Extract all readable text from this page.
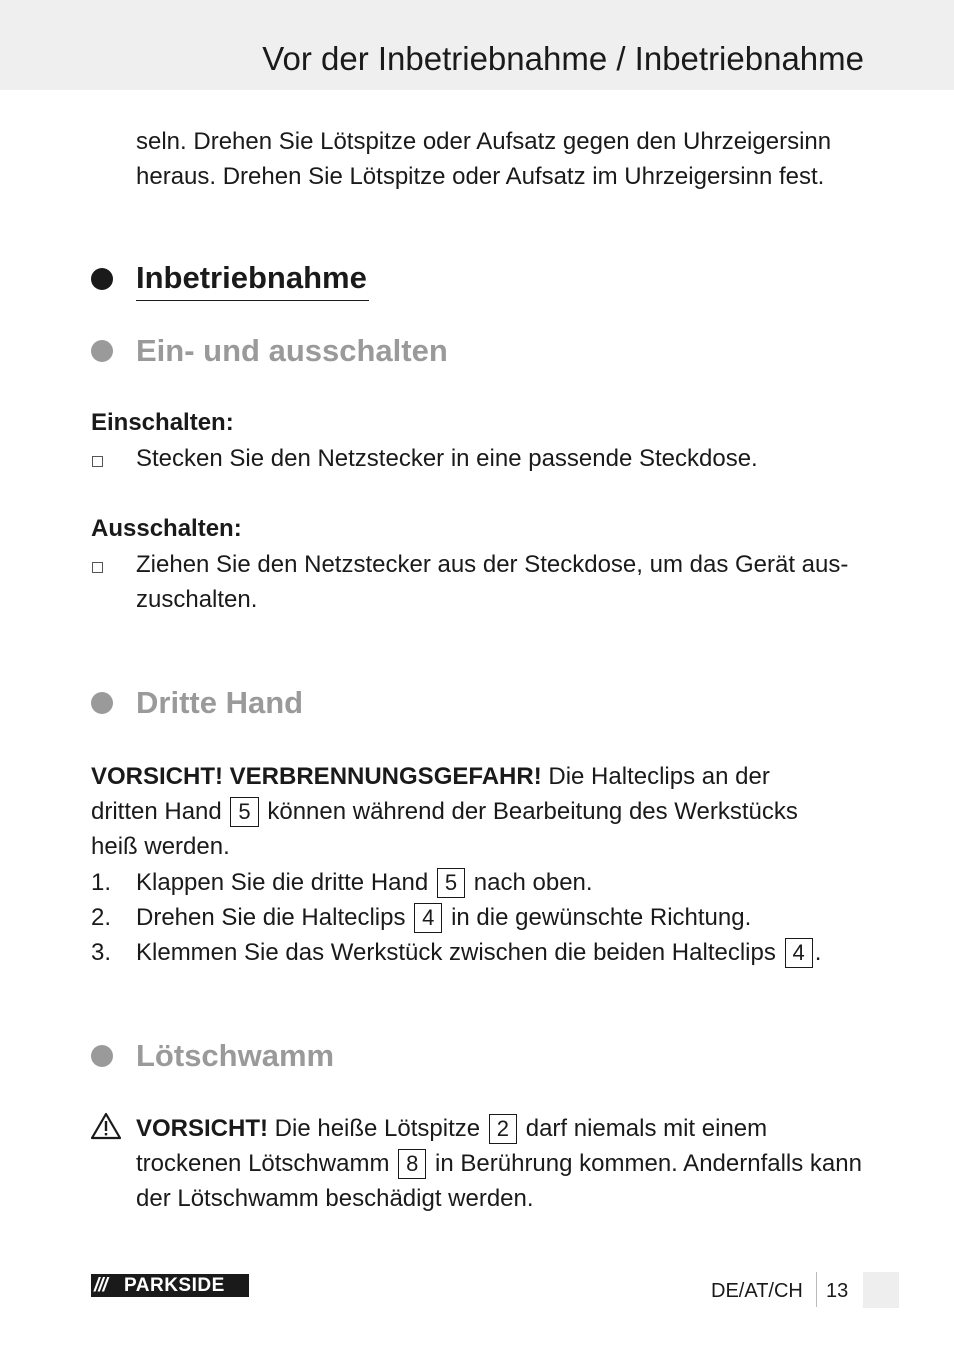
Vor der Inbetriebnahme / Inbetriebnahme
seln. Drehen Sie Lötspitze oder Aufsatz gegen den Uhrzeigersinn
heraus. Drehen Sie Lötspitze oder Aufsatz im Uhrzeigersinn fest.
Inbetriebnahme
Ein- und ausschalten
Einschalten:
Stecken Sie den Netzstecker in eine passende Steckdose.
Ausschalten:
Ziehen Sie den Netzstecker aus der Steckdose, um das Gerät aus-
zuschalten.
Dritte Hand
VORSICHT! VERBRENNUNGSGEFAHR! Die Halteclips an der
dritten Hand 5 können während der Bearbeitung des Werkstücks
heiß werden.
1. Klappen Sie die dritte Hand 5 nach oben.
2. Drehen Sie die Halteclips 4 in die gewünschte Richtung.
3. Klemmen Sie das Werkstück zwischen die beiden Halteclips 4 .
Lötschwamm
VORSICHT! Die heiße Lötspitze 2 darf niemals mit einem
trockenen Lötschwamm 8 in Berührung kommen. Andernfalls kann
der Lötschwamm beschädigt werden.
/// PARKSIDE	DE/AT/CH 13
